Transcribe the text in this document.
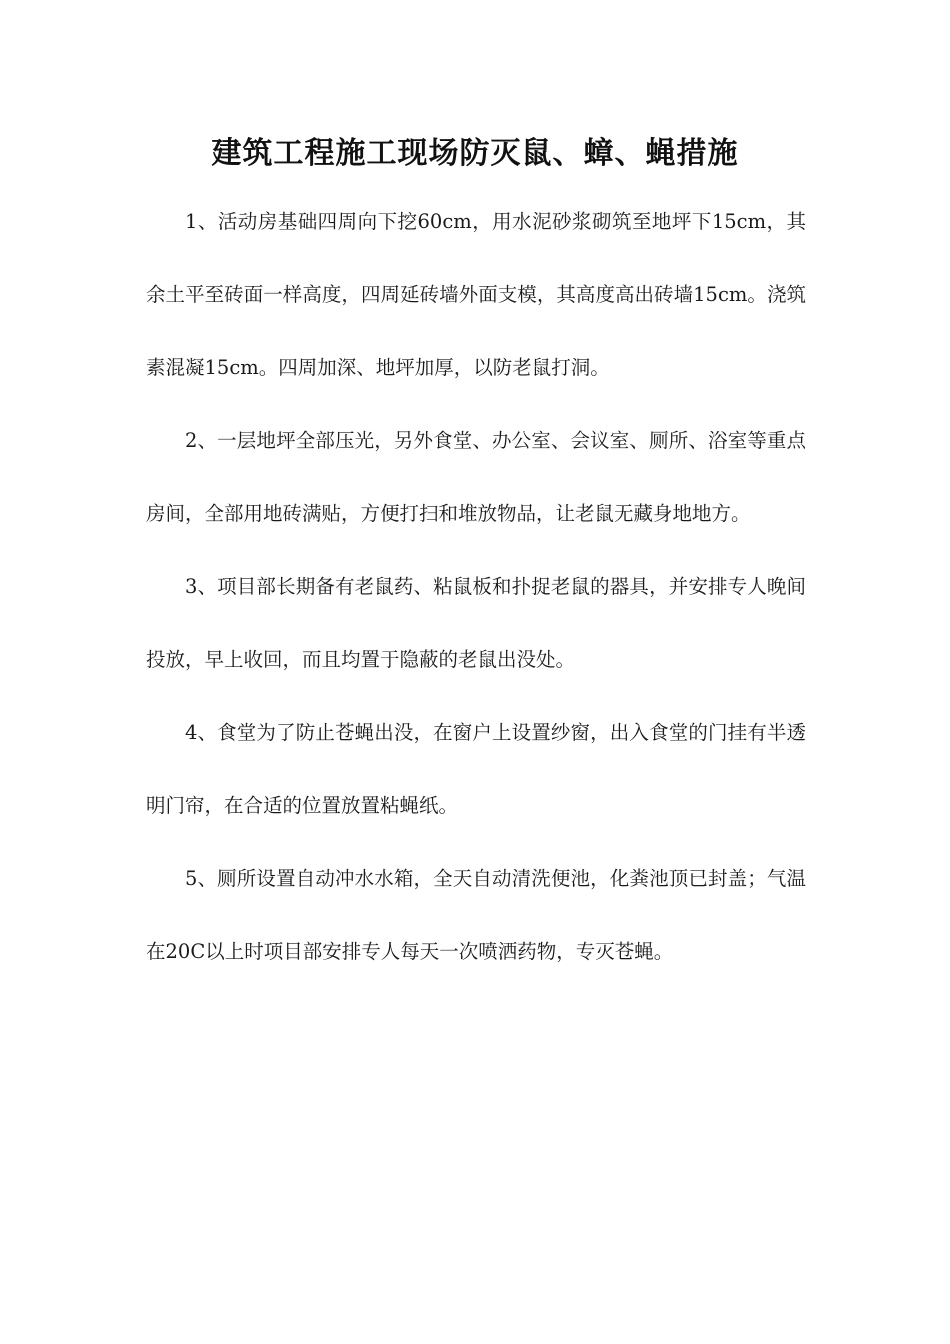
建筑工程施工现场防灭鼠、蟑、蝇措施

1、活动房基础四周向下挖60cm，用水泥砂浆砌筑至地坪下15cm，其余土平至砖面一样高度，四周延砖墙外面支模，其高度高出砖墙15cm。浇筑素混凝15cm。四周加深、地坪加厚，以防老鼠打洞。

2、一层地坪全部压光，另外食堂、办公室、会议室、厕所、浴室等重点房间，全部用地砖满贴，方便打扫和堆放物品，让老鼠无藏身地地方。

3、项目部长期备有老鼠药、粘鼠板和扑捉老鼠的器具，并安排专人晚间投放，早上收回，而且均置于隐蔽的老鼠出没处。

4、食堂为了防止苍蝇出没，在窗户上设置纱窗，出入食堂的门挂有半透明门帘，在合适的位置放置粘蝇纸。

5、厕所设置自动冲水水箱，全天自动清洗便池，化粪池顶已封盖；气温在20C以上时项目部安排专人每天一次喷洒药物，专灭苍蝇。
